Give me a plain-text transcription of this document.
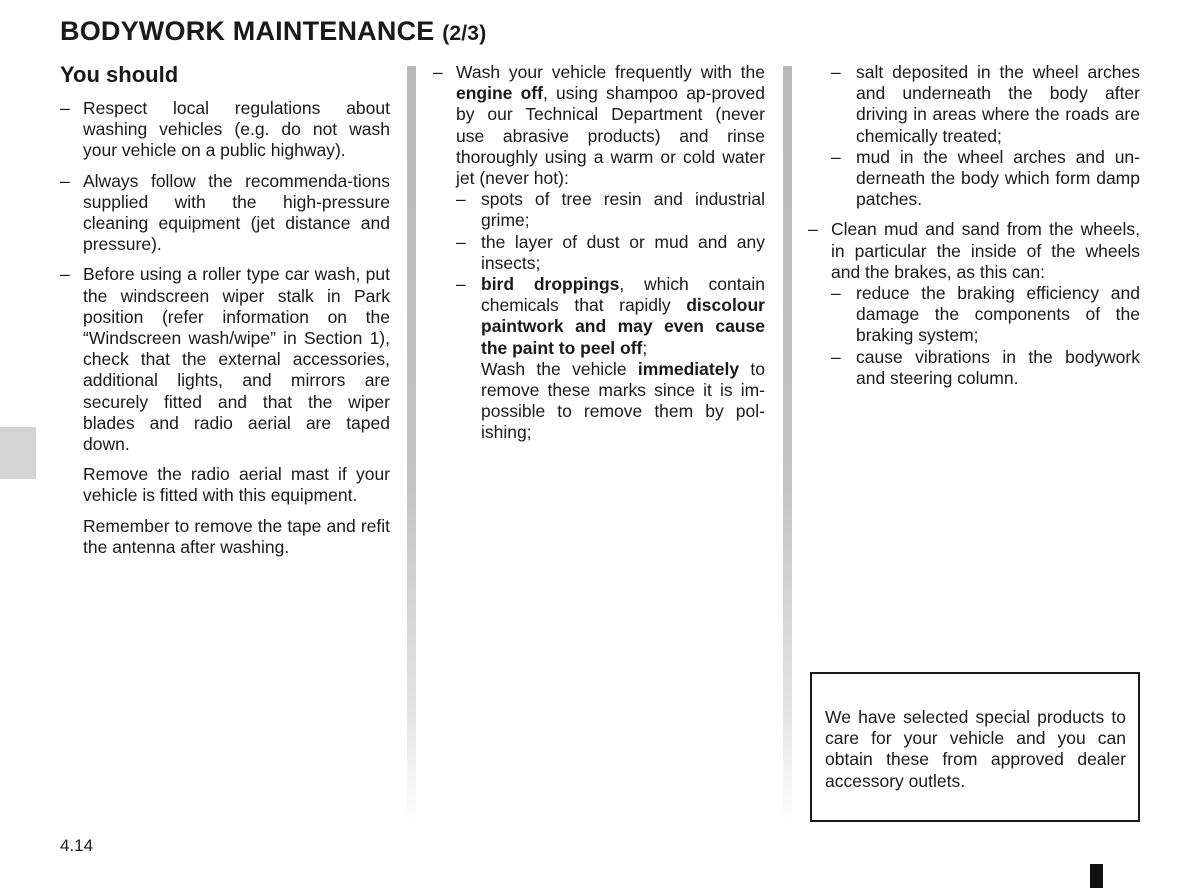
BODYWORK MAINTENANCE (2/3)
You should
– Respect local regulations about washing vehicles (e.g. do not wash your vehicle on a public highway).
– Always follow the recommenda-tions supplied with the high-pressure cleaning equipment (jet distance and pressure).
– Before using a roller type car wash, put the windscreen wiper stalk in Park position (refer information on the “Windscreen wash/wipe” in Section 1), check that the external accessories, additional lights, and mirrors are securely fitted and that the wiper blades and radio aerial are taped down.

Remove the radio aerial mast if your vehicle is fitted with this equipment.

Remember to remove the tape and refit the antenna after washing.

– Wash your vehicle frequently with the engine off, using shampoo ap-proved by our Technical Department (never use abrasive products) and rinse thoroughly using a warm or cold water jet (never hot):
– spots of tree resin and industrial grime;
– the layer of dust or mud and any insects;
– bird droppings, which contain chemicals that rapidly discolour paintwork and may even cause the paint to peel off;
Wash the vehicle immediately to remove these marks since it is im-possible to remove them by pol-ishing;
– salt deposited in the wheel arches and underneath the body after driving in areas where the roads are chemically treated;
– mud in the wheel arches and un-derneath the body which form damp patches.
– Clean mud and sand from the wheels, in particular the inside of the wheels and the brakes, as this can:
– reduce the braking efficiency and damage the components of the braking system;
– cause vibrations in the bodywork and steering column.
We have selected special products to care for your vehicle and you can obtain these from approved dealer accessory outlets.
4.14
